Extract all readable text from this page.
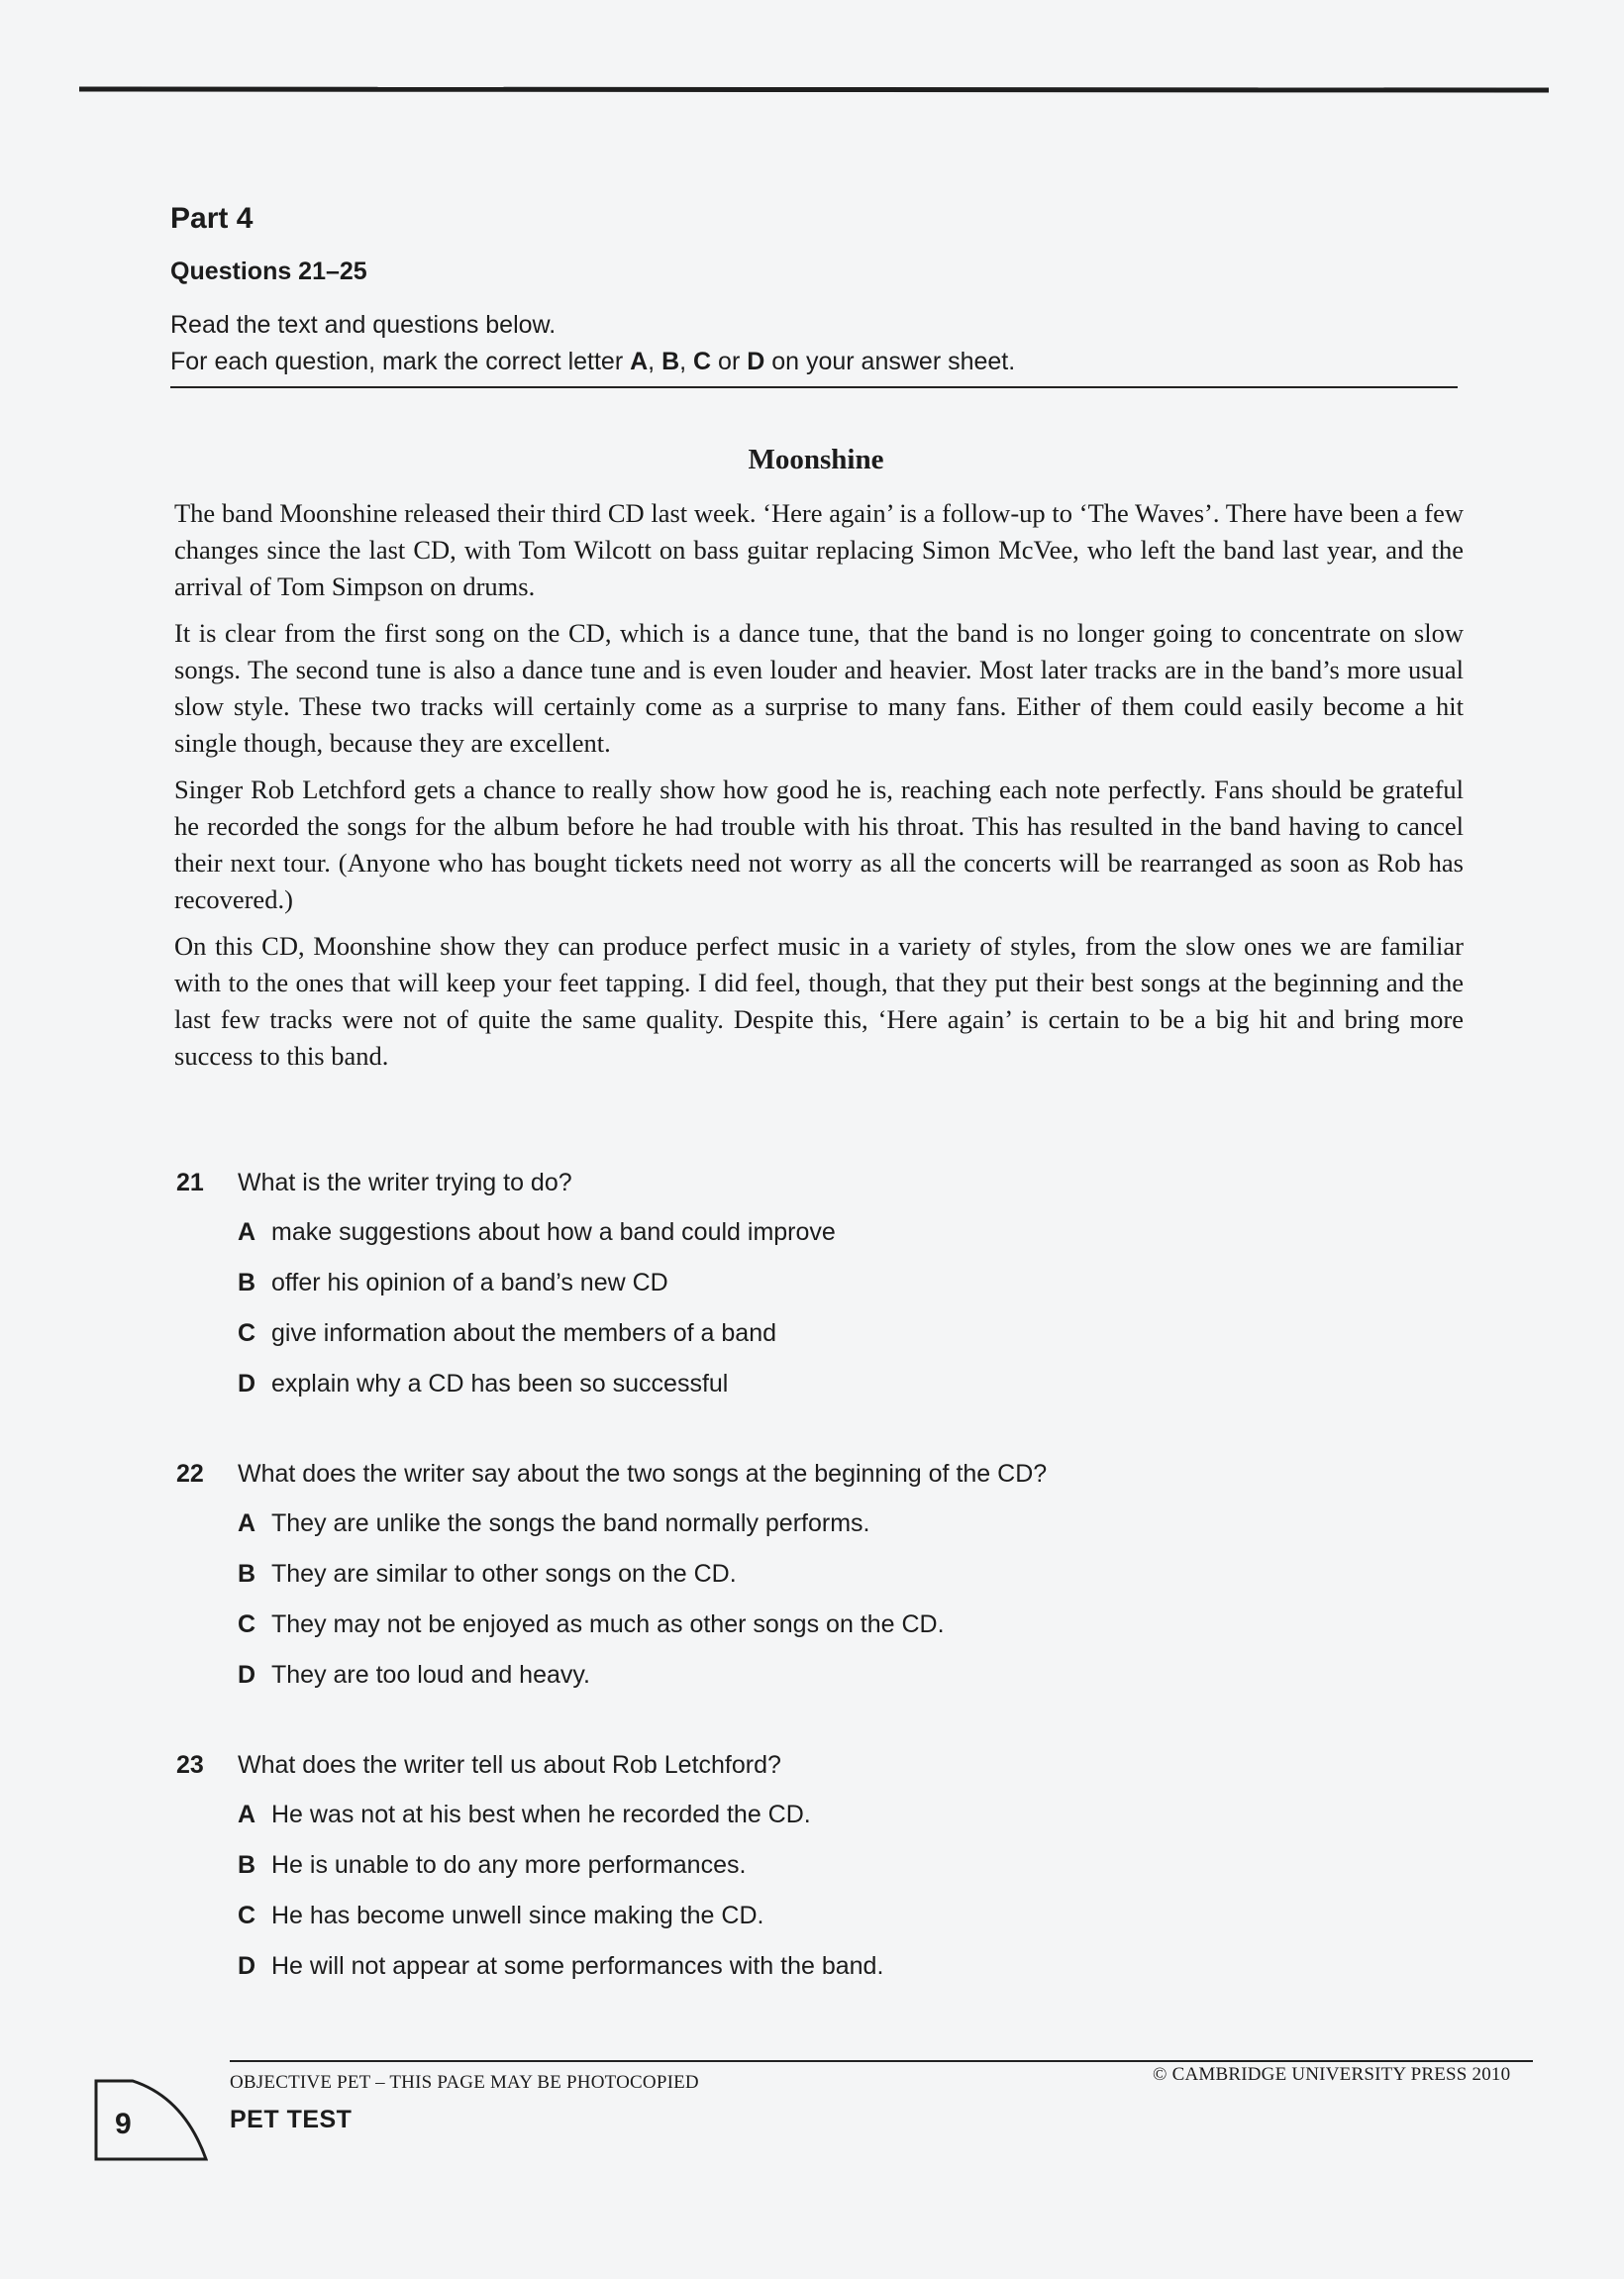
Part 4
Questions 21–25

Read the text and questions below.

For each question, mark the correct letter A, B, C or D on your answer sheet.

Moonshine

The band Moonshine released their third CD last week. ‘Here again’ is a follow-up to ‘The Waves’. There have been a few changes since the last CD, with Tom Wilcott on bass guitar replacing Simon McVee, who left the band last year, and the arrival of Tom Simpson on drums.

It is clear from the first song on the CD, which is a dance tune, that the band is no longer going to concentrate on slow songs. The second tune is also a dance tune and is even louder and heavier. Most later tracks are in the band’s more usual slow style. These two tracks will certainly come as a surprise to many fans. Either of them could easily become a hit single though, because they are excellent.

Singer Rob Letchford gets a chance to really show how good he is, reaching each note perfectly. Fans should be grateful he recorded the songs for the album before he had trouble with his throat. This has resulted in the band having to cancel their next tour. (Anyone who has bought tickets need not worry as all the concerts will be rearranged as soon as Rob has recovered.)

On this CD, Moonshine show they can produce perfect music in a variety of styles, from the slow ones we are familiar with to the ones that will keep your feet tapping. I did feel, though, that they put their best songs at the beginning and the last few tracks were not of quite the same quality. Despite this, ‘Here again’ is certain to be a big hit and bring more success to this band.

21	What is the writer trying to do?
A make suggestions about how a band could improve
B offer his opinion of a band’s new CD
C give information about the members of a band
D explain why a CD has been so successful
22	What does the writer say about the two songs at the beginning of the CD?
A They are unlike the songs the band normally performs.
B They are similar to other songs on the CD.
C They may not be enjoyed as much as other songs on the CD.
D They are too loud and heavy.
23	What does the writer tell us about Rob Letchford?
A He was not at his best when he recorded the CD.
B He is unable to do any more performances.
C He has become unwell since making the CD.
D He will not appear at some performances with the band.
OBJECTIVE PET – THIS PAGE MAY BE PHOTOCOPIED	© CAMBRIDGE UNIVERSITY PRESS 2010
PET TEST
9
